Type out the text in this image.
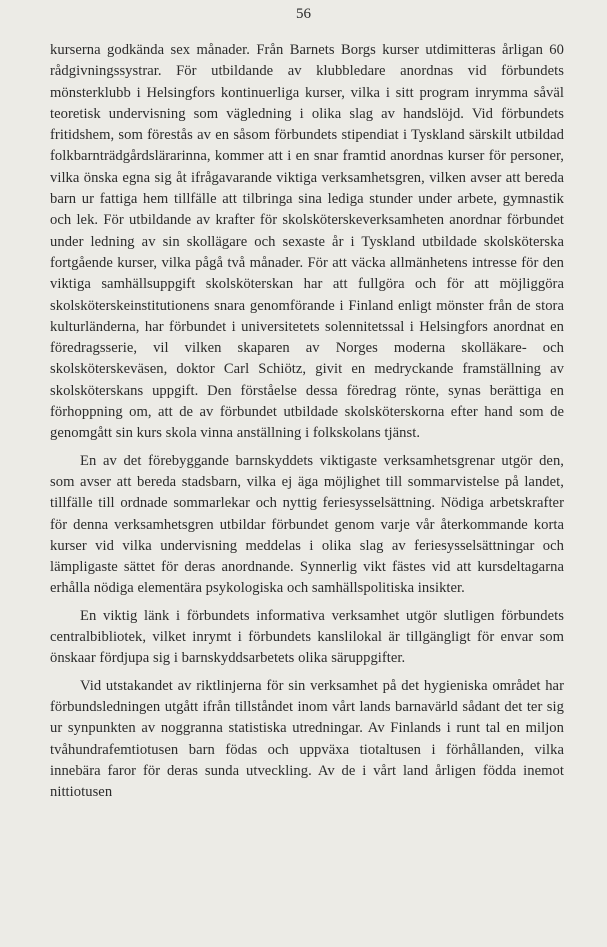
56

kurserna godkända sex månader. Från Barnets Borgs kurser utdimitteras årligan 60 rådgivningssystrar. För utbildande av klubbledare anordnas vid förbundets mönsterklubb i Helsingfors kontinuerliga kurser, vilka i sitt program inrymma såväl teoretisk undervisning som vägledning i olika slag av handslöjd. Vid förbundets fritidshem, som förestås av en såsom förbundets stipendiat i Tyskland särskilt utbildad folkbarnträdgårdslärarinna, kommer att i en snar framtid anordnas kurser för personer, vilka önska egna sig åt ifrågavarande viktiga verksamhetsgren, vilken avser att bereda barn ur fattiga hem tillfälle att tilbringa sina lediga stunder under arbete, gymnastik och lek. För utbildande av krafter för skolsköterskeverksamheten anordnar förbundet under ledning av sin skollägare och sexaste år i Tyskland utbildade skolsköterska fortgående kurser, vilka pågå två månader. För att väcka allmänhetens intresse för den viktiga samhällsuppgift skolsköterskan har att fullgöra och för att möjliggöra skolsköterskeinstitutionens snara genomförande i Finland enligt mönster från de stora kulturländerna, har förbundet i universitetets solennitetssal i Helsingfors anordnat en föredragsserie, vil vilken skaparen av Norges moderna skolläkare- och skolsköterskeväsen, doktor Carl Schiötz, givit en medryckande framställning av skolsköterskans uppgift. Den förståelse dessa föredrag rönte, synas berättiga en förhoppning om, att de av förbundet utbildade skolsköterskorna efter hand som de genomgått sin kurs skola vinna anställning i folkskolans tjänst.

En av det förebyggande barnskyddets viktigaste verksamhetsgrenar utgör den, som avser att bereda stadsbarn, vilka ej äga möjlighet till sommarvistelse på landet, tillfälle till ordnade sommarlekar och nyttig feriesysselsättning. Nödiga arbetskrafter för denna verksamhetsgren utbildar förbundet genom varje vår återkommande korta kurser vid vilka undervisning meddelas i olika slag av feriesysselsättningar och lämpligaste sättet för deras anordnande. Synnerlig vikt fästes vid att kursdeltagarna erhålla nödiga elementära psykologiska och samhällspolitiska insikter.

En viktig länk i förbundets informativa verksamhet utgör slutligen förbundets centralbibliotek, vilket inrymt i förbundets kanslilokal är tillgängligt för envar som önskaar fördjupa sig i barnskyddsarbetets olika säruppgifter.

Vid utstakandet av riktlinjerna för sin verksamhet på det hygieniska området har förbundsledningen utgått ifrån tillståndet inom vårt lands barnavärld sådant det ter sig ur synpunkten av noggranna statistiska utredningar. Av Finlands i runt tal en miljon tvåhundrafemtiotusen barn födas och uppväxa tiotaltusen i förhållanden, vilka innebära faror för deras sunda utveckling. Av de i vårt land årligen födda inemot nittiotusen
